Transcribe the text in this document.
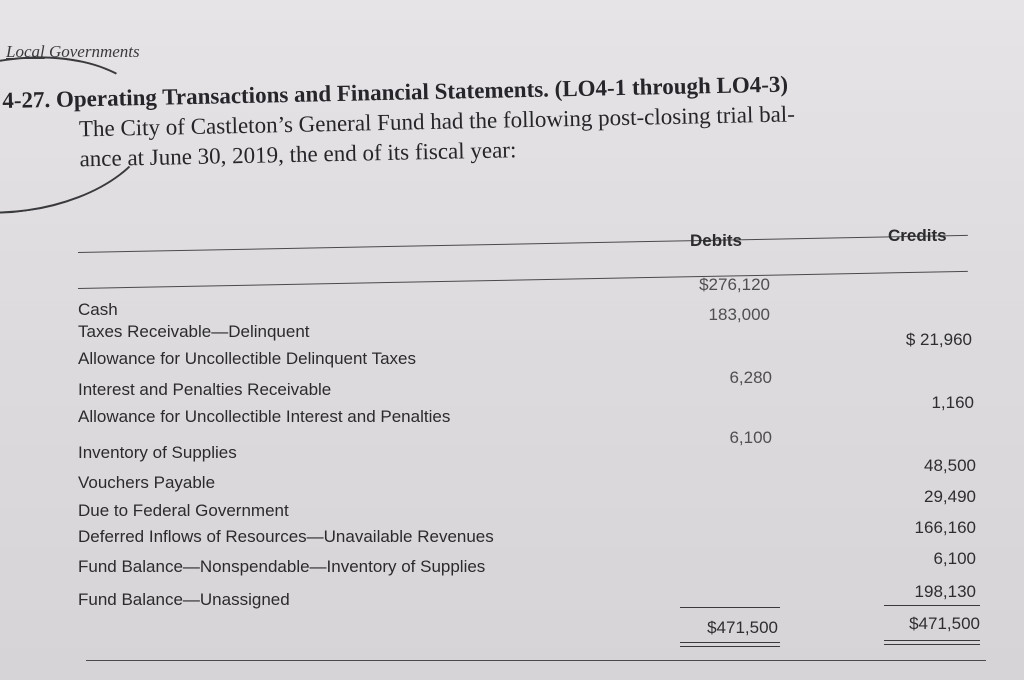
Local Governments
4-27. Operating Transactions and Financial Statements. (LO4-1 through LO4-3)
The City of Castleton’s General Fund had the following post-closing trial bal-
ance at June 30, 2019, the end of its fiscal year:
Debits	Credits
Cash
Taxes Receivable—Delinquent
Allowance for Uncollectible Delinquent Taxes
Interest and Penalties Receivable
Allowance for Uncollectible Interest and Penalties
Inventory of Supplies
Vouchers Payable
Due to Federal Government
Deferred Inflows of Resources—Unavailable Revenues
Fund Balance—Nonspendable—Inventory of Supplies
Fund Balance—Unassigned
$276,120
183,000
6,280
6,100
$ 21,960
1,160
48,500
29,490
166,160
6,100
198,130
$471,500	$471,500
